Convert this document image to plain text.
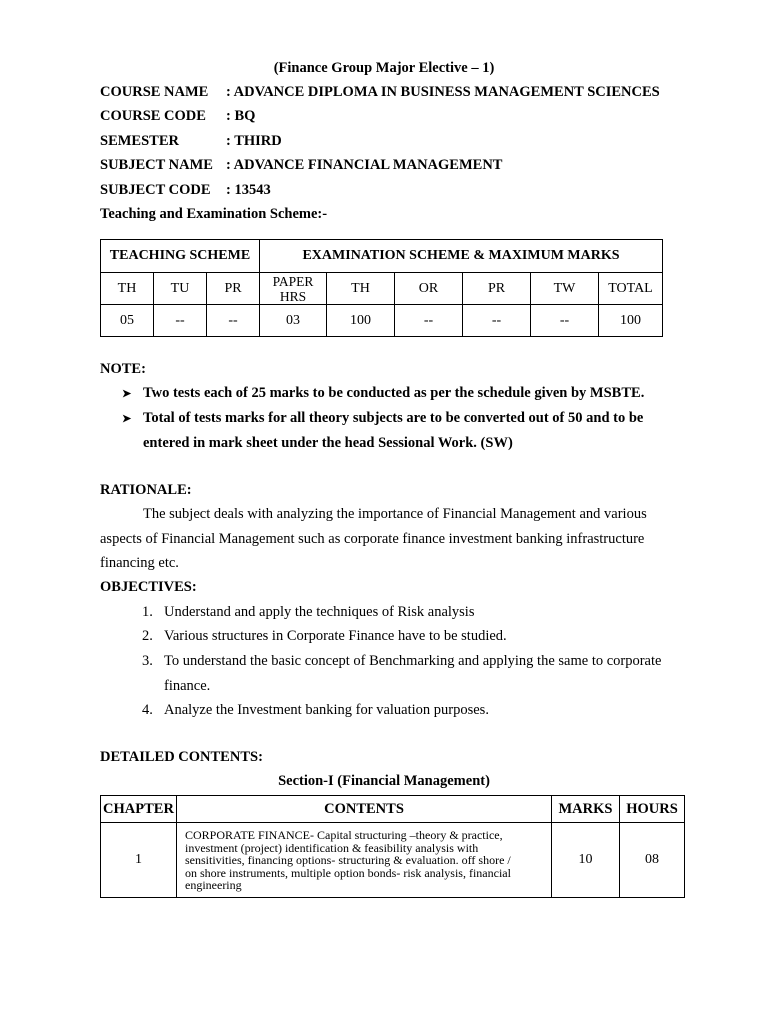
(Finance Group Major Elective – 1)
COURSE NAME : ADVANCE DIPLOMA IN BUSINESS MANAGEMENT SCIENCES
COURSE CODE : BQ
SEMESTER	: THIRD
SUBJECT NAME : ADVANCE FINANCIAL MANAGEMENT
SUBJECT CODE : 13543
Teaching and Examination Scheme:-
TEACHING SCHEME			EXAMINATION SCHEME & MAXIMUM MARKS					
TH	TU	PR	PAPER HRS	TH	OR	PR	TW	TOTAL
05	--	--	03	100	--	--	--	100
NOTE:
➤ Two tests each of 25 marks to be conducted as per the schedule given by MSBTE.
➤ Total of tests marks for all theory subjects are to be converted out of 50 and to be
entered in mark sheet under the head Sessional Work. (SW)
RATIONALE:
The subject deals with analyzing the importance of Financial Management and various
aspects of Financial Management such as corporate finance investment banking infrastructure
financing etc.
OBJECTIVES:
1. Understand and apply the techniques of Risk analysis
2. Various structures in Corporate Finance have to be studied.
3. To understand the basic concept of Benchmarking and applying the same to corporate
finance.
4. Analyze the Investment banking for valuation purposes.
DETAILED CONTENTS:
Section-I (Financial Management)
CHAPTER	CONTENTS	MARKS	HOURS
1	CORPORATE FINANCE- Capital structuring –theory & practice,
investment (project) identification & feasibility analysis with
sensitivities, financing options- structuring & evaluation. off shore /
on shore instruments, multiple option bonds- risk analysis, financial
engineering	10	08
